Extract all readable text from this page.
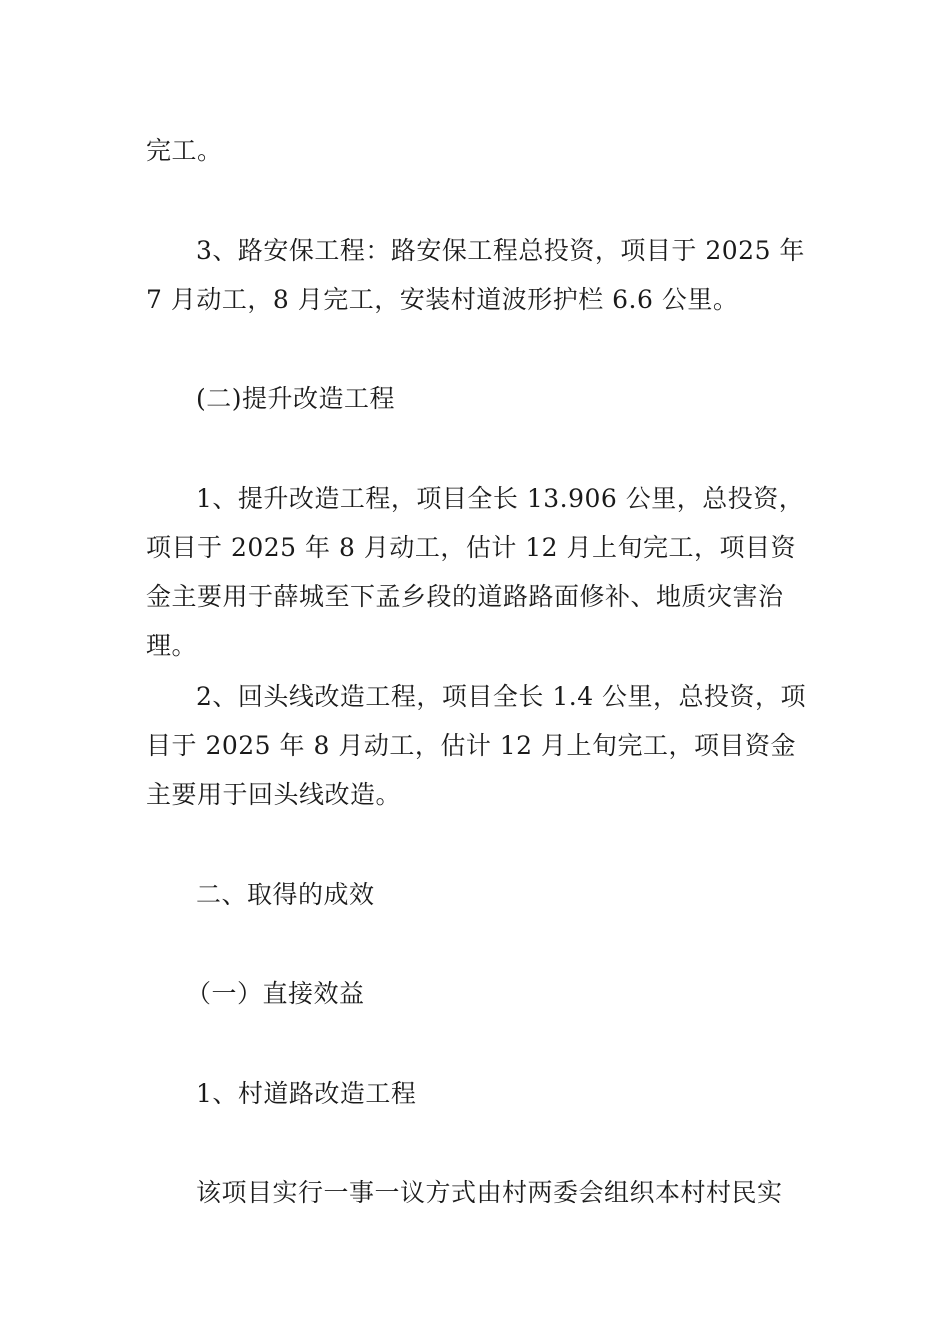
完工。

3、路安保工程：路安保工程总投资，项目于 2025 年 7 月动工，8 月完工，安装村道波形护栏 6.6 公里。

(二)提升改造工程

1、提升改造工程，项目全长 13.906 公里，总投资，项目于 2025 年 8 月动工，估计 12 月上旬完工，项目资金主要用于薛城至下孟乡段的道路路面修补、地质灾害治理。

2、回头线改造工程，项目全长 1.4 公里，总投资，项目于 2025 年 8 月动工，估计 12 月上旬完工，项目资金主要用于回头线改造。

二、取得的成效

（一）直接效益

1、村道路改造工程

该项目实行一事一议方式由村两委会组织本村村民实
